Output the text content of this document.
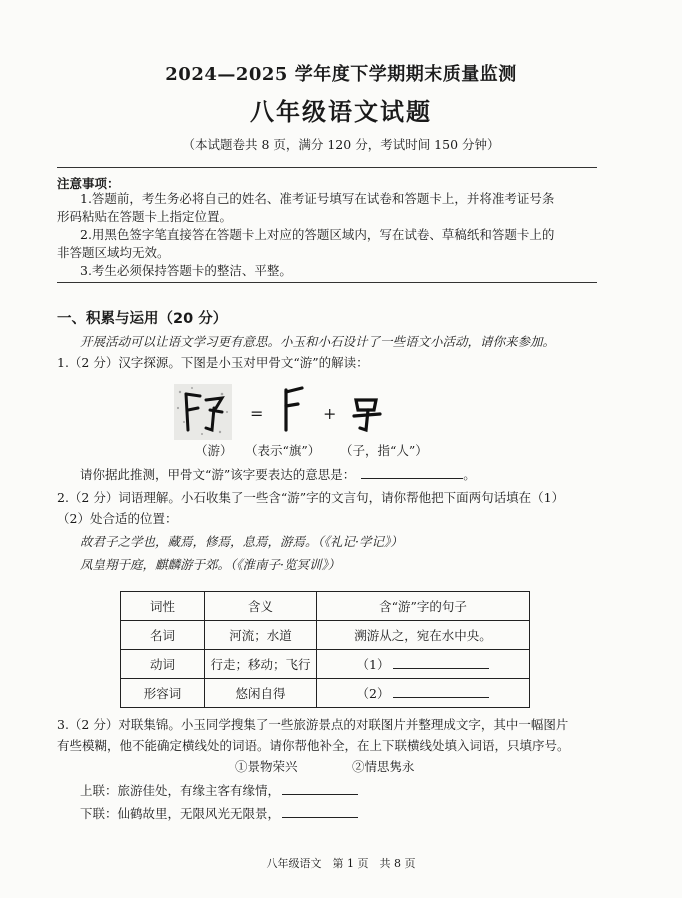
2024—2025 学年度下学期期末质量监测
八年级语文试题
（本试题卷共 8 页，满分 120 分，考试时间 150 分钟）
注意事项：
1.答题前，考生务必将自己的姓名、准考证号填写在试卷和答题卡上，并将准考证号条
形码粘贴在答题卡上指定位置。
2.用黑色签字笔直接答在答题卡上对应的答题区域内，写在试卷、草稿纸和答题卡上的
非答题区域均无效。
3.考生必须保持答题卡的整洁、平整。
一、积累与运用（20 分）
开展活动可以让语文学习更有意思。小玉和小石设计了一些语文小活动，请你来参加。
1.（2 分）汉字探源。下图是小玉对甲骨文“游”的解读：
=	+
（游） （表示“旗”） （子，指“人”）
请你据此推测，甲骨文“游”该字要表达的意思是：	。
2.（2 分）词语理解。小石收集了一些含“游”字的文言句，请你帮他把下面两句话填在（1）
（2）处合适的位置：
故君子之学也，藏焉，修焉，息焉，游焉。（《礼记·学记》）
凤皇翔于庭，麒麟游于郊。（《淮南子·览冥训》）
词性	含义	含“游”字的句子
名词	河流；水道	溯游从之，宛在水中央。
动词	行走；移动；飞行	（1）
形容词	悠闲自得	（2）
3.（2 分）对联集锦。小玉同学搜集了一些旅游景点的对联图片并整理成文字，其中一幅图片
有些模糊，他不能确定横线处的词语。请你帮他补全，在上下联横线处填入词语，只填序号。
①景物荣兴	②情思隽永
上联：旅游佳处，有缘主客有缘情，
下联：仙鹤故里，无限风光无限景，
八年级语文　第 1 页　共 8 页
